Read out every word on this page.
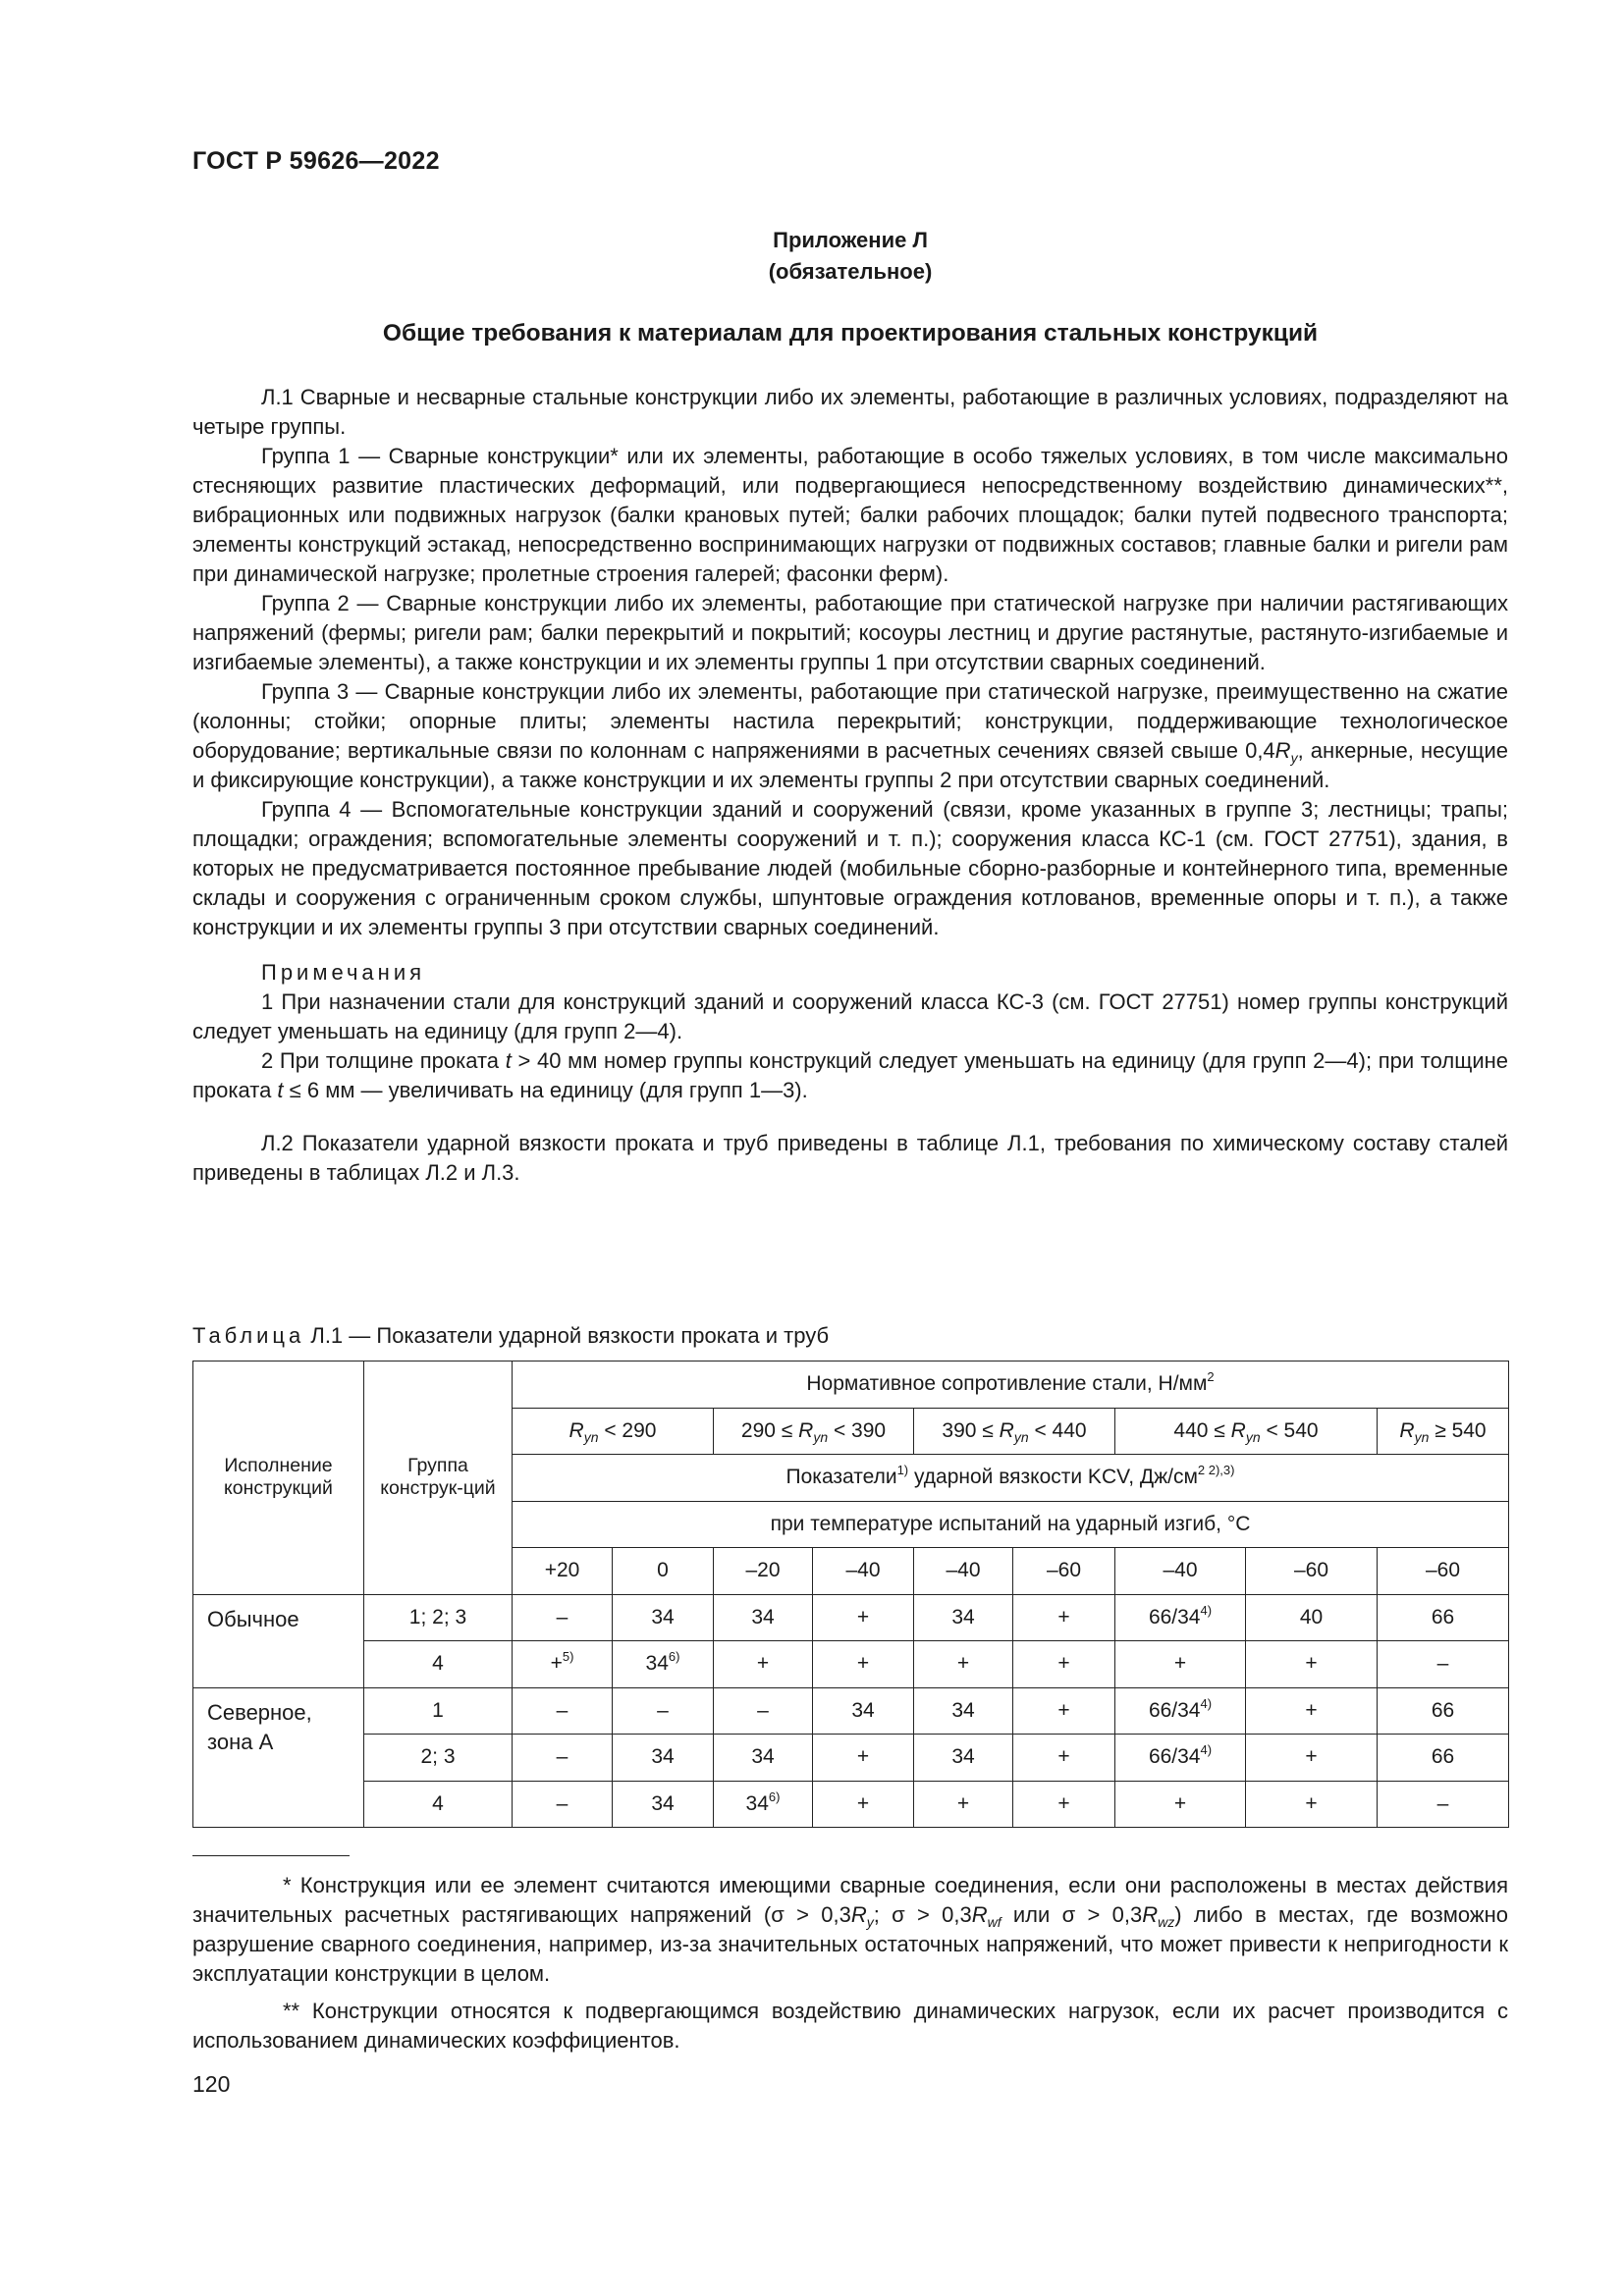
ГОСТ Р 59626—2022
Приложение Л
(обязательное)
Общие требования к материалам для проектирования стальных конструкций

Л.1 Сварные и несварные стальные конструкции либо их элементы, работающие в различных условиях, подразделяют на четыре группы.

Группа 1 — Сварные конструкции* или их элементы, работающие в особо тяжелых условиях, в том числе максимально стесняющих развитие пластических деформаций, или подвергающиеся непосредственному воздействию динамических**, вибрационных или подвижных нагрузок (балки крановых путей; балки рабочих площадок; балки путей подвесного транспорта; элементы конструкций эстакад, непосредственно воспринимающих нагрузки от подвижных составов; главные балки и ригели рам при динамической нагрузке; пролетные строения галерей; фасонки ферм).

Группа 2 — Сварные конструкции либо их элементы, работающие при статической нагрузке при наличии растягивающих напряжений (фермы; ригели рам; балки перекрытий и покрытий; косоуры лестниц и другие растянутые, растянуто-изгибаемые и изгибаемые элементы), а также конструкции и их элементы группы 1 при отсутствии сварных соединений.

Группа 3 — Сварные конструкции либо их элементы, работающие при статической нагрузке, преимущественно на сжатие (колонны; стойки; опорные плиты; элементы настила перекрытий; конструкции, поддерживающие технологическое оборудование; вертикальные связи по колоннам с напряжениями в расчетных сечениях связей свыше $0,4R_y$, анкерные, несущие и фиксирующие конструкции), а также конструкции и их элементы группы 2 при отсутствии сварных соединений.

Группа 4 — Вспомогательные конструкции зданий и сооружений (связи, кроме указанных в группе 3; лестницы; трапы; площадки; ограждения; вспомогательные элементы сооружений и т. п.); сооружения класса КС-1 (см. ГОСТ 27751), здания, в которых не предусматривается постоянное пребывание людей (мобильные сборно-разборные и контейнерного типа, временные склады и сооружения с ограниченным сроком службы, шпунтовые ограждения котлованов, временные опоры и т. п.), а также конструкции и их элементы группы 3 при отсутствии сварных соединений.

Примечания

1 При назначении стали для конструкций зданий и сооружений класса КС-3 (см. ГОСТ 27751) номер группы конструкций следует уменьшать на единицу (для групп 2—4).

2 При толщине проката t > 40 мм номер группы конструкций следует уменьшать на единицу (для групп 2—4); при толщине проката t ≤ 6 мм — увеличивать на единицу (для групп 1—3).

Л.2 Показатели ударной вязкости проката и труб приведены в таблице Л.1, требования по химическому составу сталей приведены в таблицах Л.2 и Л.3.

Таблица Л.1 — Показатели ударной вязкости проката и труб
Исполнение конструкций	Группа конструк-ций	Нормативное сопротивление стали, $Н/мм^2$
		$R_{yn} < 290$		$290 \le R_{yn} < 390$		$390 \le R_{yn} < 440$		$440 \le R_{yn} < 540$		$R_{yn} \ge 540$
		Показатели$^{1)}$ ударной вязкости KCV, $Дж/см^{2 2),3)}$
		при температуре испытаний на ударный изгиб, °С								
		+20	0	–20	–40	–40	–60	–40	–60	–60
Обычное	1; 2; 3	–	34	34	+	34	+	$66/34^{4)}$	40	66
	4	+$^{5)}$	$34^{6)}$	+	+	+	+	+	+	–
Северное, зона А	1	–	–	–	34	34	+	$66/34^{4)}$	+	66
	2; 3	–	34	34	+	34	+	$66/34^{4)}$	+	66
	4	–	34	$34^{6)}$	+	+	+	+	+	–

* Конструкция или ее элемент считаются имеющими сварные соединения, если они расположены в местах действия значительных расчетных растягивающих напряжений ($\sigma > 0,3R_y$; $\sigma > 0,3R_{wf}$ или $\sigma > 0,3R_{wz}$) либо в местах, где возможно разрушение сварного соединения, например, из-за значительных остаточных напряжений, что может привести к непригодности к эксплуатации конструкции в целом.

** Конструкции относятся к подвергающимся воздействию динамических нагрузок, если их расчет производится с использованием динамических коэффициентов.

120
